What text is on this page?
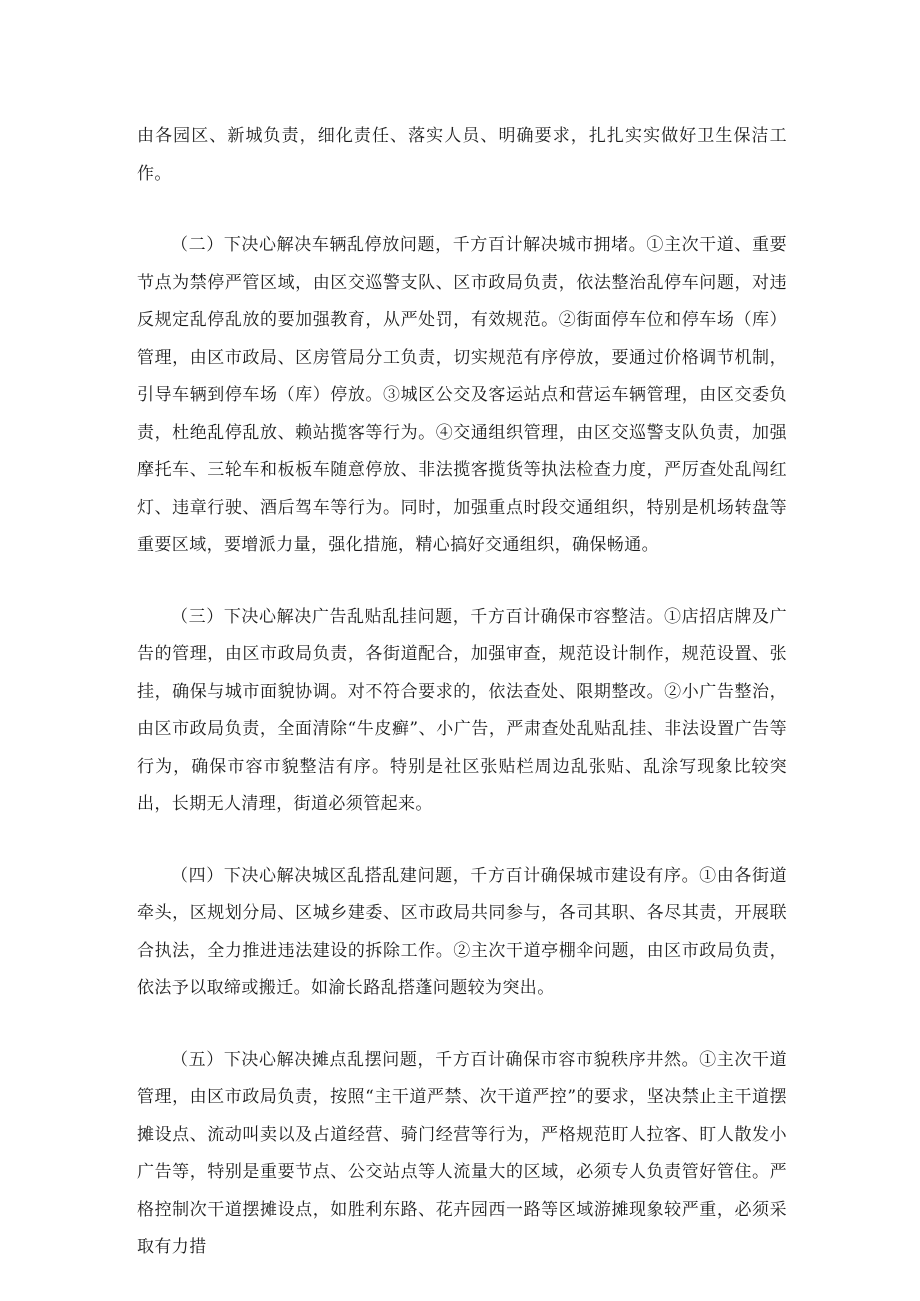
由各园区、新城负责，细化责任、落实人员、明确要求，扎扎实实做好卫生保洁工作。

（二）下决心解决车辆乱停放问题，千方百计解决城市拥堵。①主次干道、重要节点为禁停严管区域，由区交巡警支队、区市政局负责，依法整治乱停车问题，对违反规定乱停乱放的要加强教育，从严处罚，有效规范。②街面停车位和停车场（库）管理，由区市政局、区房管局分工负责，切实规范有序停放，要通过价格调节机制，引导车辆到停车场（库）停放。③城区公交及客运站点和营运车辆管理，由区交委负责，杜绝乱停乱放、赖站揽客等行为。④交通组织管理，由区交巡警支队负责，加强摩托车、三轮车和板板车随意停放、非法揽客揽货等执法检查力度，严厉查处乱闯红灯、违章行驶、酒后驾车等行为。同时，加强重点时段交通组织，特别是机场转盘等重要区域，要增派力量，强化措施，精心搞好交通组织，确保畅通。

（三）下决心解决广告乱贴乱挂问题，千方百计确保市容整洁。①店招店牌及广告的管理，由区市政局负责，各街道配合，加强审查，规范设计制作，规范设置、张挂，确保与城市面貌协调。对不符合要求的，依法查处、限期整改。②小广告整治，由区市政局负责，全面清除“牛皮癣”、小广告，严肃查处乱贴乱挂、非法设置广告等行为，确保市容市貌整洁有序。特别是社区张贴栏周边乱张贴、乱涂写现象比较突出，长期无人清理，街道必须管起来。

（四）下决心解决城区乱搭乱建问题，千方百计确保城市建设有序。①由各街道牵头，区规划分局、区城乡建委、区市政局共同参与，各司其职、各尽其责，开展联合执法，全力推进违法建设的拆除工作。②主次干道亭棚伞问题，由区市政局负责，依法予以取缔或搬迁。如渝长路乱搭蓬问题较为突出。

（五）下决心解决摊点乱摆问题，千方百计确保市容市貌秩序井然。①主次干道管理，由区市政局负责，按照“主干道严禁、次干道严控”的要求，坚决禁止主干道摆摊设点、流动叫卖以及占道经营、骑门经营等行为，严格规范盯人拉客、盯人散发小广告等，特别是重要节点、公交站点等人流量大的区域，必须专人负责管好管住。严格控制次干道摆摊设点，如胜利东路、花卉园西一路等区域游摊现象较严重，必须采取有力措
